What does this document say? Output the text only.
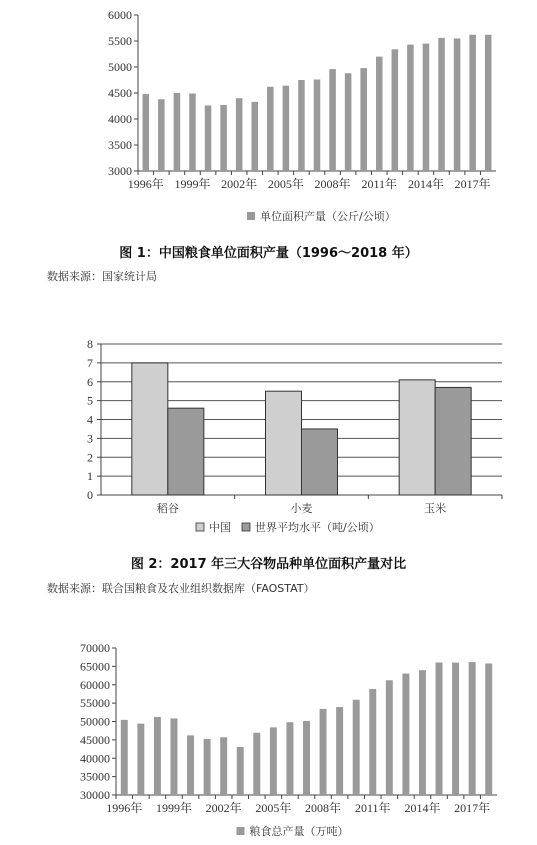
3000
3500
4000
4500
5000
5500
6000
1996年 1999年 2002年 2005年 2008年 2011年 2014年 2017年
单位面积产量（公斤/公顷）
图 1：中国粮食单位面积产量（1996～2018 年）
数据来源：国家统计局
0
1
2
3
4
5
6
7
8
稻谷	小麦	玉米
中国 世界平均水平（吨/公顷）
图 2：2017 年三大谷物品种单位面积产量对比
数据来源：联合国粮食及农业组织数据库（FAOSTAT）
30000
35000
40000
45000
50000
55000
60000
65000
70000
1996年 1999年 2002年 2005年 2008年 2011年 2014年 2017年
粮食总产量（万吨）
